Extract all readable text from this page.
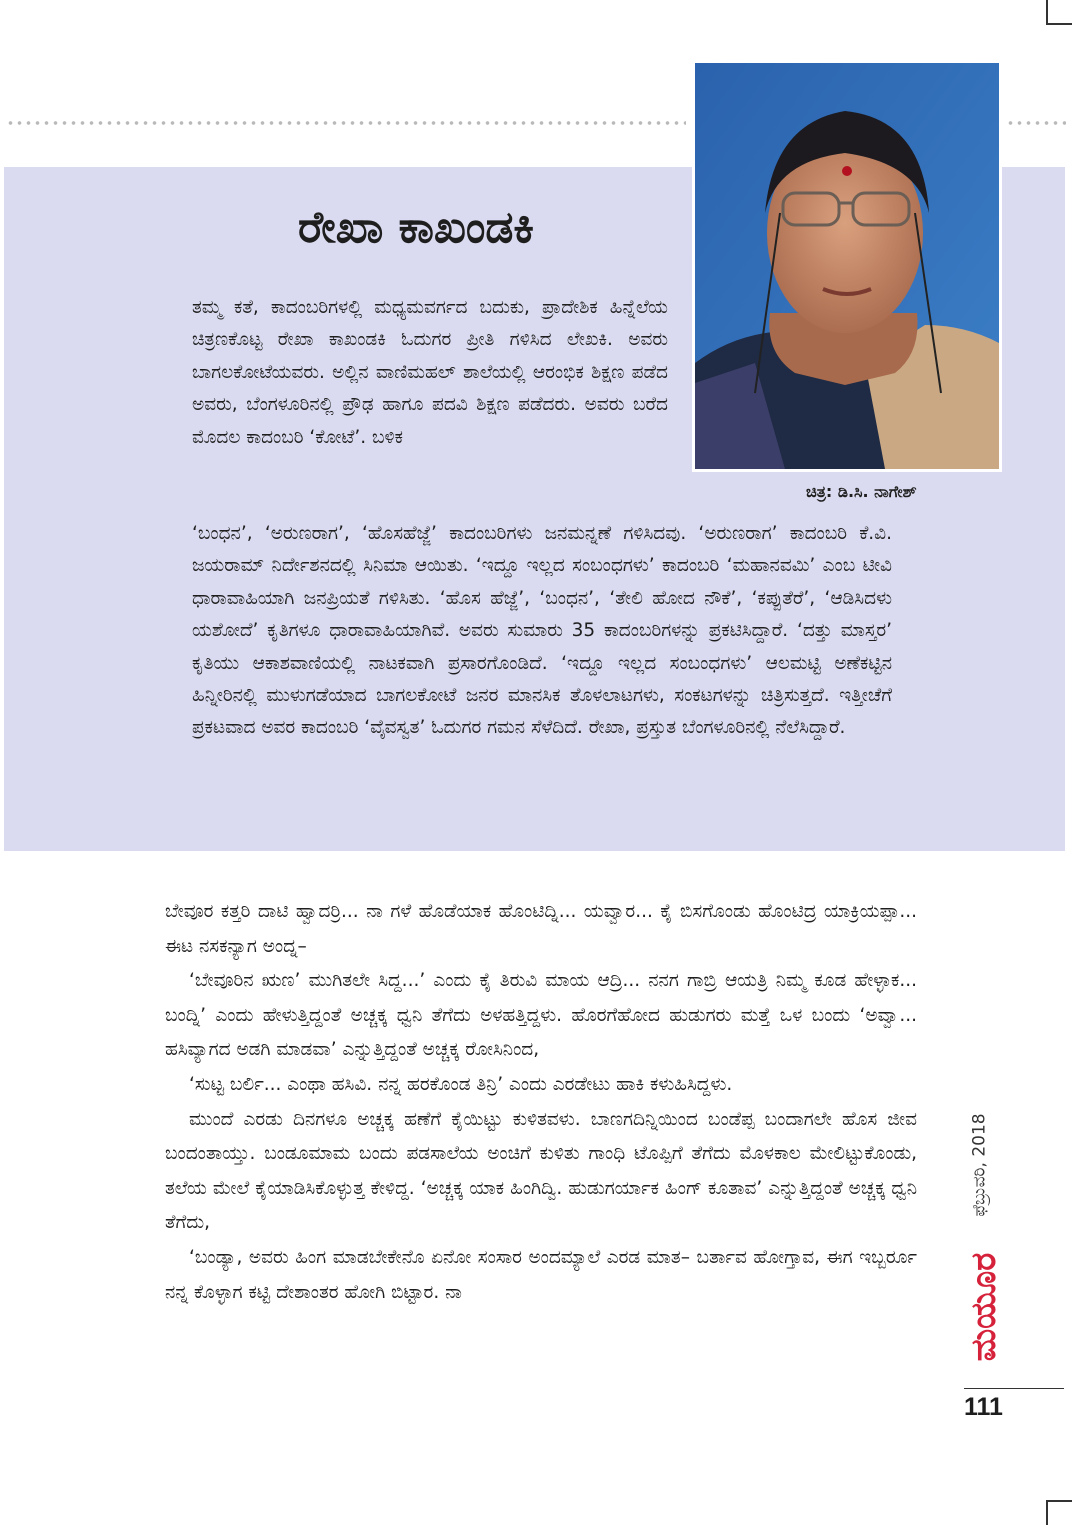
ಚಿತ್ರ: ಡಿ.ಸಿ. ನಾಗೇಶ್
ರೇಖಾ ಕಾಖಂಡಕಿ

ತಮ್ಮ ಕತೆ, ಕಾದಂಬರಿಗಳಲ್ಲಿ ಮಧ್ಯಮವರ್ಗದ ಬದುಕು, ಪ್ರಾದೇಶಿಕ ಹಿನ್ನೆಲೆಯ ಚಿತ್ರಣಕೊಟ್ಟ ರೇಖಾ ಕಾಖಂಡಕಿ ಓದುಗರ ಪ್ರೀತಿ ಗಳಿಸಿದ ಲೇಖಕಿ. ಅವರು ಬಾಗಲಕೋಟೆಯವರು. ಅಲ್ಲಿನ ವಾಣಿಮಹಲ್ ಶಾಲೆಯಲ್ಲಿ ಆರಂಭಿಕ ಶಿಕ್ಷಣ ಪಡೆದ ಅವರು, ಬೆಂಗಳೂರಿನಲ್ಲಿ ಪ್ರೌಢ ಹಾಗೂ ಪದವಿ ಶಿಕ್ಷಣ ಪಡೆದರು. ಅವರು ಬರೆದ ಮೊದಲ ಕಾದಂಬರಿ ‘ಕೋಟೆ’. ಬಳಿಕ

‘ಬಂಧನ’, ‘ಅರುಣರಾಗ’, ‘ಹೊಸಹೆಜ್ಜೆ’ ಕಾದಂಬರಿಗಳು ಜನಮನ್ನಣೆ ಗಳಿಸಿದವು. ‘ಅರುಣರಾಗ’ ಕಾದಂಬರಿ ಕೆ.ವಿ. ಜಯರಾಮ್ ನಿರ್ದೇಶನದಲ್ಲಿ ಸಿನಿಮಾ ಆಯಿತು. ‘ಇದ್ದೂ ಇಲ್ಲದ ಸಂಬಂಧಗಳು’ ಕಾದಂಬರಿ ‘ಮಹಾನವಮಿ’ ಎಂಬ ಟೀವಿ ಧಾರಾವಾಹಿಯಾಗಿ ಜನಪ್ರಿಯತೆ ಗಳಿಸಿತು. ‘ಹೊಸ ಹೆಜ್ಜೆ’, ‘ಬಂಧನ’, ‘ತೇಲಿ ಹೋದ ನೌಕೆ’, ‘ಕಪ್ಪುತೆರೆ’, ‘ಆಡಿಸಿದಳು ಯಶೋದೆ’ ಕೃತಿಗಳೂ ಧಾರಾವಾಹಿಯಾಗಿವೆ. ಅವರು ಸುಮಾರು 35 ಕಾದಂಬರಿಗಳನ್ನು ಪ್ರಕಟಿಸಿದ್ದಾರೆ. ‘ದತ್ತು ಮಾಸ್ತರ’ ಕೃತಿಯು ಆಕಾಶವಾಣಿಯಲ್ಲಿ ನಾಟಕವಾಗಿ ಪ್ರಸಾರಗೊಂಡಿದೆ. ‘ಇದ್ದೂ ಇಲ್ಲದ ಸಂಬಂಧಗಳು’ ಆಲಮಟ್ಟಿ ಅಣೆಕಟ್ಟಿನ ಹಿನ್ನೀರಿನಲ್ಲಿ ಮುಳುಗಡೆಯಾದ ಬಾಗಲಕೋಟೆ ಜನರ ಮಾನಸಿಕ ತೊಳಲಾಟಗಳು, ಸಂಕಟಗಳನ್ನು ಚಿತ್ರಿಸುತ್ತದೆ. ಇತ್ತೀಚೆಗೆ ಪ್ರಕಟವಾದ ಅವರ ಕಾದಂಬರಿ ‘ವೈವಸ್ವತ’ ಓದುಗರ ಗಮನ ಸೆಳೆದಿದೆ. ರೇಖಾ, ಪ್ರಸ್ತುತ ಬೆಂಗಳೂರಿನಲ್ಲಿ ನೆಲೆಸಿದ್ದಾರೆ.

ಬೇವೂರ ಕತ್ತರಿ ದಾಟಿ ಹ್ವಾದರ್ರಿ... ನಾ ಗಳೆ ಹೊಡೆಯಾಕ ಹೊಂಟಿದ್ನಿ... ಯವ್ವಾರ... ಕೈ ಬಿಸಗೊಂಡು ಹೊಂಟಿದ್ರ ಯಾಕ್ರಿಯಪ್ಪಾ... ಈಟ ನಸಕನ್ಯಾಗ ಅಂದ್ನ–

‘ಬೇವೂರಿನ ಋಣ’ ಮುಗಿತಲೇ ಸಿದ್ದ...’ ಎಂದು ಕೈ ತಿರುವಿ ಮಾಯ ಆದ್ರಿ... ನನಗ ಗಾಬ್ರಿ ಆಯತ್ರಿ ನಿಮ್ಮ ಕೂಡ ಹೇಳ್ಳಾಕ... ಬಂದ್ನಿ’ ಎಂದು ಹೇಳುತ್ತಿದ್ದಂತೆ ಅಚ್ಚಕ್ಕ ಧ್ವನಿ ತೆಗೆದು ಅಳಹತ್ತಿದ್ದಳು. ಹೊರಗೆಹೋದ ಹುಡುಗರು ಮತ್ತೆ ಒಳ ಬಂದು ‘ಅವ್ವಾ... ಹಸಿವ್ಯಾಗದ ಅಡಗಿ ಮಾಡವಾ’ ಎನ್ನುತ್ತಿದ್ದಂತೆ ಅಚ್ಚಕ್ಕ ರೋಸಿನಿಂದ,

‘ಸುಟ್ಟ ಬರ್ಲಿ... ಎಂಥಾ ಹಸಿವಿ. ನನ್ನ ಹರಕೊಂಡ ತಿನ್ರಿ’ ಎಂದು ಎರಡೇಟು ಹಾಕಿ ಕಳುಹಿಸಿದ್ದಳು.

ಮುಂದೆ ಎರಡು ದಿನಗಳೂ ಅಚ್ಚಕ್ಕ ಹಣೆಗೆ ಕೈಯಿಟ್ಟು ಕುಳಿತವಳು. ಬಾಣಗದಿನ್ನಿಯಿಂದ ಬಂಡೆಪ್ಪ ಬಂದಾಗಲೇ ಹೊಸ ಜೀವ ಬಂದಂತಾಯ್ತು. ಬಂಡೂಮಾಮ ಬಂದು ಪಡಸಾಲೆಯ ಅಂಚಿಗೆ ಕುಳಿತು ಗಾಂಧಿ ಟೊಪ್ಪಿಗೆ ತೆಗೆದು ಮೊಳಕಾಲ ಮೇಲಿಟ್ಟುಕೊಂಡು, ತಲೆಯ ಮೇಲೆ ಕೈಯಾಡಿಸಿಕೊಳ್ಳುತ್ತ ಕೇಳಿದ್ದ. ‘ಅಚ್ಚಕ್ಕ ಯಾಕ ಹಿಂಗಿದ್ವಿ. ಹುಡುಗರ್ಯಾಕ ಹಿಂಗ್ ಕೂತಾವ’ ಎನ್ನುತ್ತಿದ್ದಂತೆ ಅಚ್ಚಕ್ಕ ಧ್ವನಿ ತೆಗೆದು,

‘ಬಂಡ್ಯಾ, ಅವರು ಹಿಂಗ ಮಾಡಬೇಕೇನೊ ಏನೋ ಸಂಸಾರ ಅಂದಮ್ಯಾಲೆ ಎರಡ ಮಾತ– ಬರ್ತಾವ ಹೋಗ್ತಾವ, ಈಗ ಇಬ್ಬರ್ರೂ ನನ್ನ ಕೊಳ್ಳಾಗ ಕಟ್ಟಿ ದೇಶಾಂತರ ಹೋಗಿ ಬಿಟ್ಟಾರ. ನಾ

ಫೆಬ್ರುವರಿ, 2018
ಮಯೂರ
111
